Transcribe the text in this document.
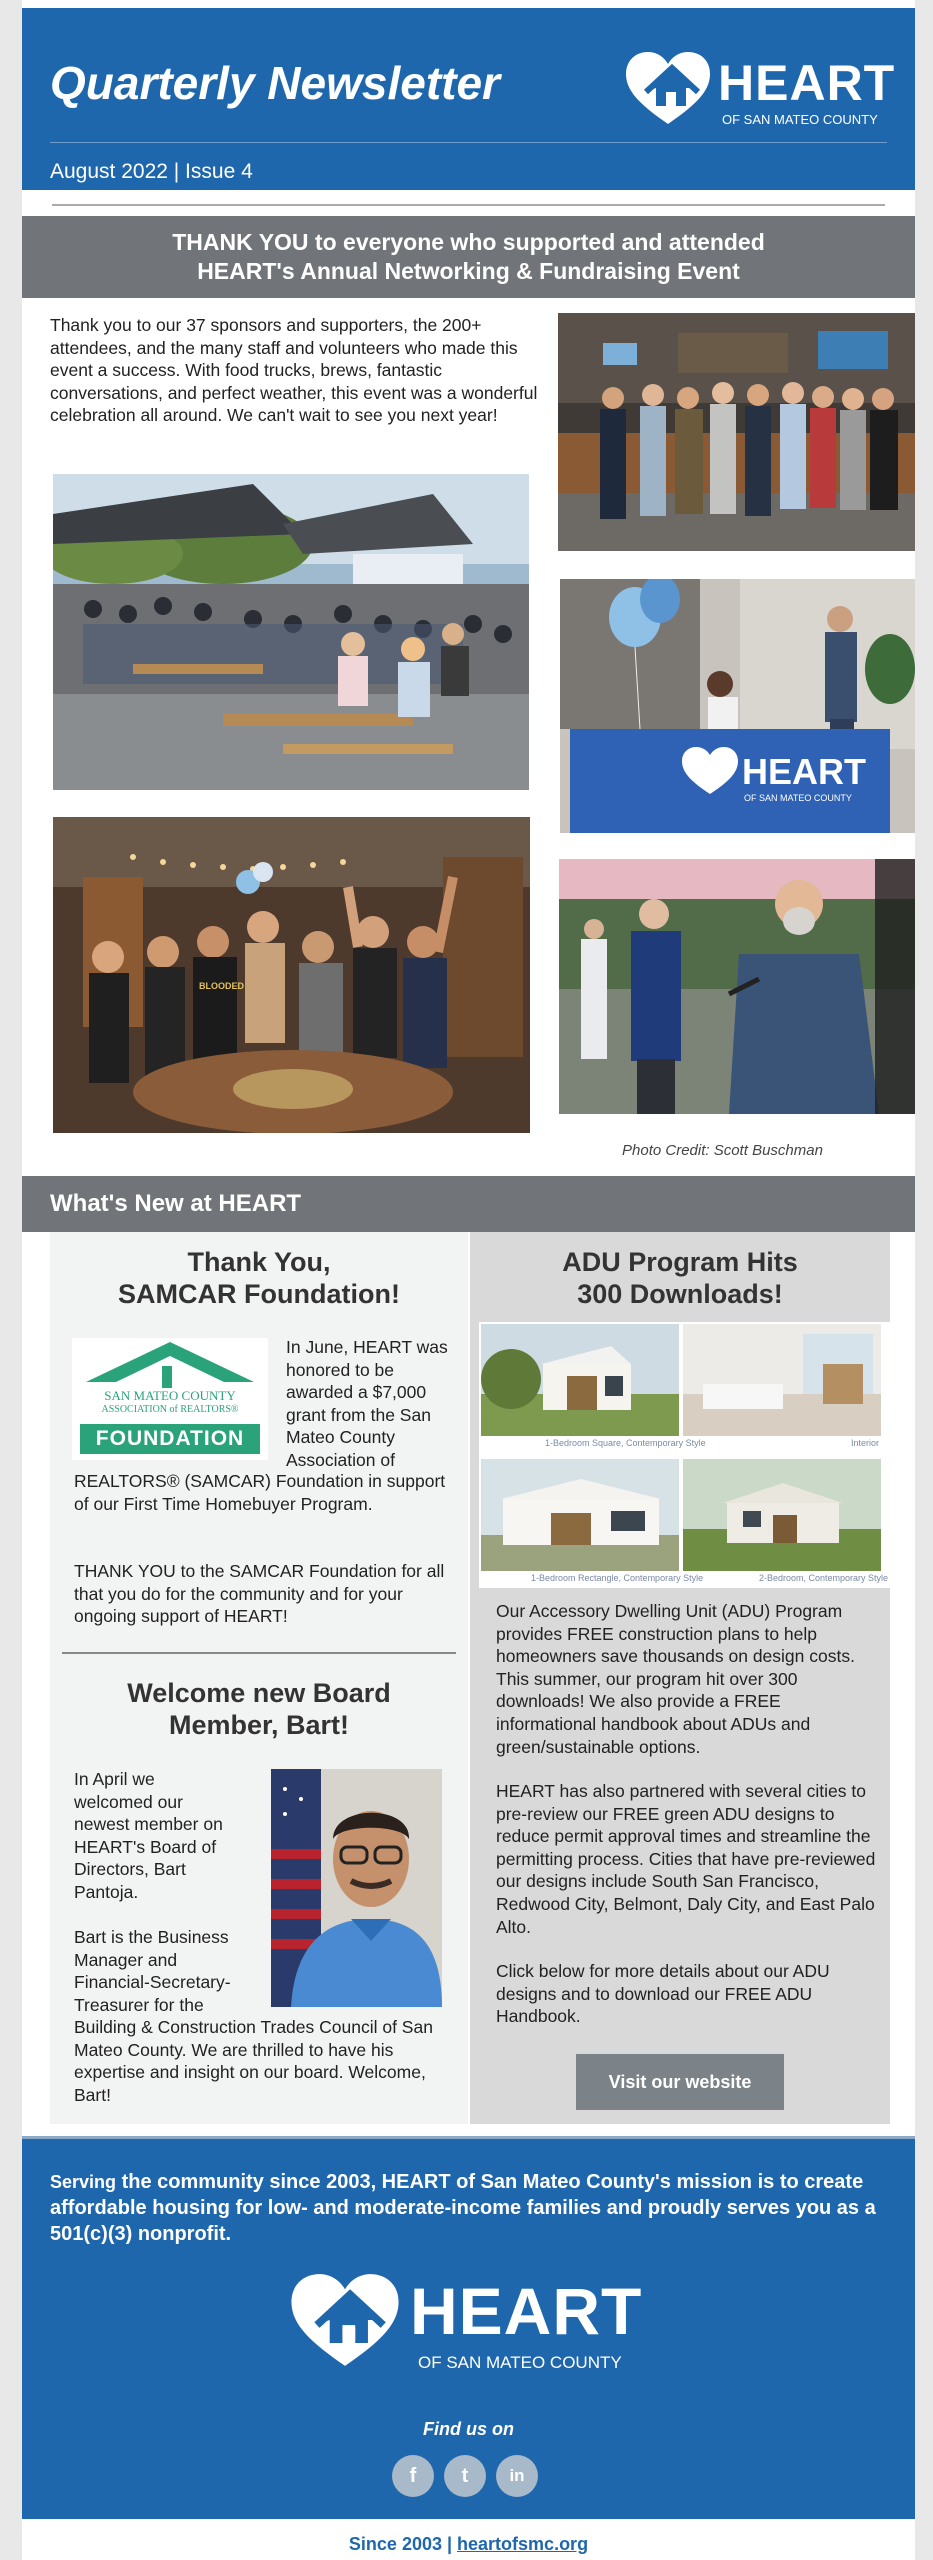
Quarterly Newsletter	HEART
OF SAN MATEO COUNTY
August 2022 | Issue 4
THANK YOU to everyone who supported and attended
HEART's Annual Networking & Fundraising Event
Thank you to our 37 sponsors and supporters, the 200+ attendees, and the many staff and volunteers who made this event a success. With food trucks, brews, fantastic conversations, and perfect weather, this event was a wonderful celebration all around. We can't wait to see you next year!
HEART
OF SAN MATEO COUNTY
BLOODED
Photo Credit: Scott Buschman
What's New at HEART
Thank You,
SAMCAR Foundation!
SAN MATEO COUNTY
ASSOCIATION of REALTORS®
FOUNDATION
In June, HEART was honored to be awarded a $7,000 grant from the San Mateo County Association of
REALTORS® (SAMCAR) Foundation in support of our First Time Homebuyer Program.
THANK YOU to the SAMCAR Foundation for all that you do for the community and for your ongoing support of HEART!
Welcome new Board
Member, Bart!
In April we welcomed our newest member on HEART's Board of Directors, Bart Pantoja.
Bart is the Business Manager and Financial-Secretary-Treasurer for the
Building & Construction Trades Council of San Mateo County. We are thrilled to have his expertise and insight on our board. Welcome, Bart!
ADU Program Hits
300 Downloads!
1-Bedroom Square, Contemporary Style	Interior
1-Bedroom Rectangle, Contemporary Style	2-Bedroom, Contemporary Style
Our Accessory Dwelling Unit (ADU) Program provides FREE construction plans to help homeowners save thousands on design costs. This summer, our program hit over 300 downloads! We also provide a FREE informational handbook about ADUs and green/sustainable options.
HEART has also partnered with several cities to pre-review our FREE green ADU designs to reduce permit approval times and streamline the permitting process. Cities that have pre-reviewed our designs include South San Francisco, Redwood City, Belmont, Daly City, and East Palo Alto.
Click below for more details about our ADU designs and to download our FREE ADU Handbook.
Visit our website
Serving the community since 2003, HEART of San Mateo County's mission is to create affordable housing for low- and moderate-income families and proudly serves you as a 501(c)(3) nonprofit.
HEART
OF SAN MATEO COUNTY
Find us on
f	t	in
Since 2003 | heartofsmc.org
